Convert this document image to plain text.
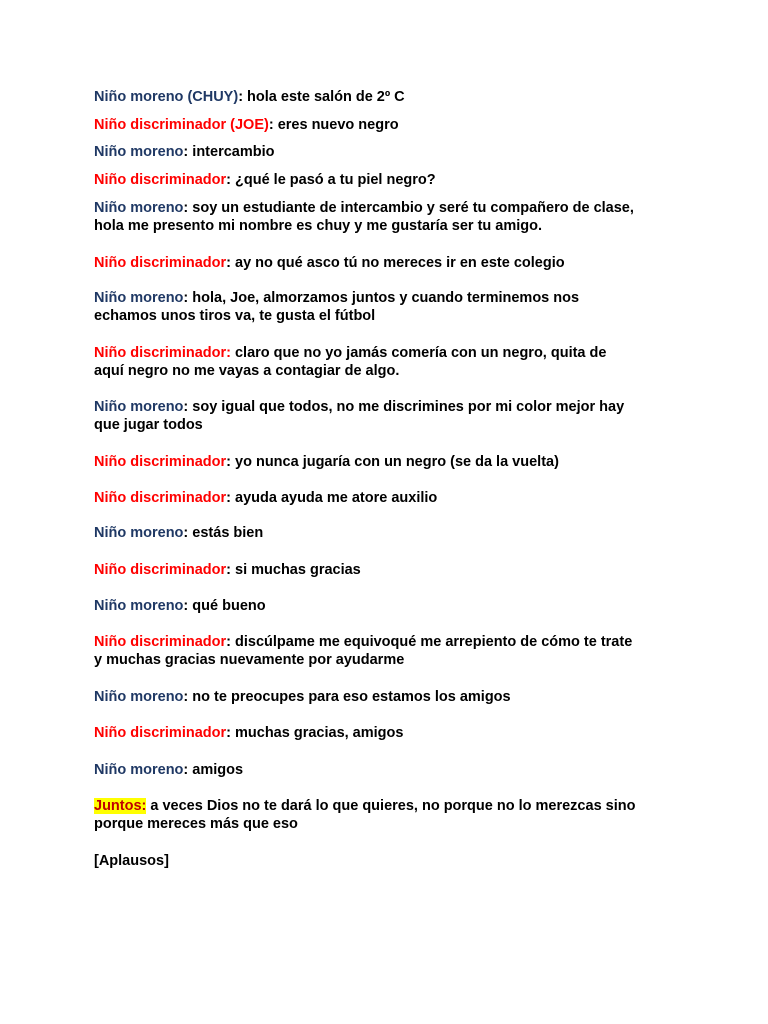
Niño moreno (CHUY): hola este salón de 2º C
Niño discriminador (JOE): eres nuevo negro
Niño moreno: intercambio
Niño discriminador: ¿qué le pasó a tu piel negro?
Niño moreno: soy un estudiante de intercambio y seré tu compañero de clase,
hola me presento mi nombre es chuy y me gustaría ser tu amigo.
Niño discriminador: ay no qué asco tú no mereces ir en este colegio
Niño moreno: hola, Joe, almorzamos juntos y cuando terminemos nos
echamos unos tiros va, te gusta el fútbol
Niño discriminador: claro que no yo jamás comería con un negro, quita de
aquí negro no me vayas a contagiar de algo.
Niño moreno: soy igual que todos, no me discrimines por mi color mejor hay
que jugar todos
Niño discriminador: yo nunca jugaría con un negro (se da la vuelta)
Niño discriminador: ayuda ayuda me atore auxilio
Niño moreno: estás bien
Niño discriminador: si muchas gracias
Niño moreno: qué bueno
Niño discriminador: discúlpame me equivoqué me arrepiento de cómo te trate
y muchas gracias nuevamente por ayudarme
Niño moreno: no te preocupes para eso estamos los amigos
Niño discriminador: muchas gracias, amigos
Niño moreno: amigos
Juntos: a veces Dios no te dará lo que quieres, no porque no lo merezcas sino
porque mereces más que eso
[Aplausos]
